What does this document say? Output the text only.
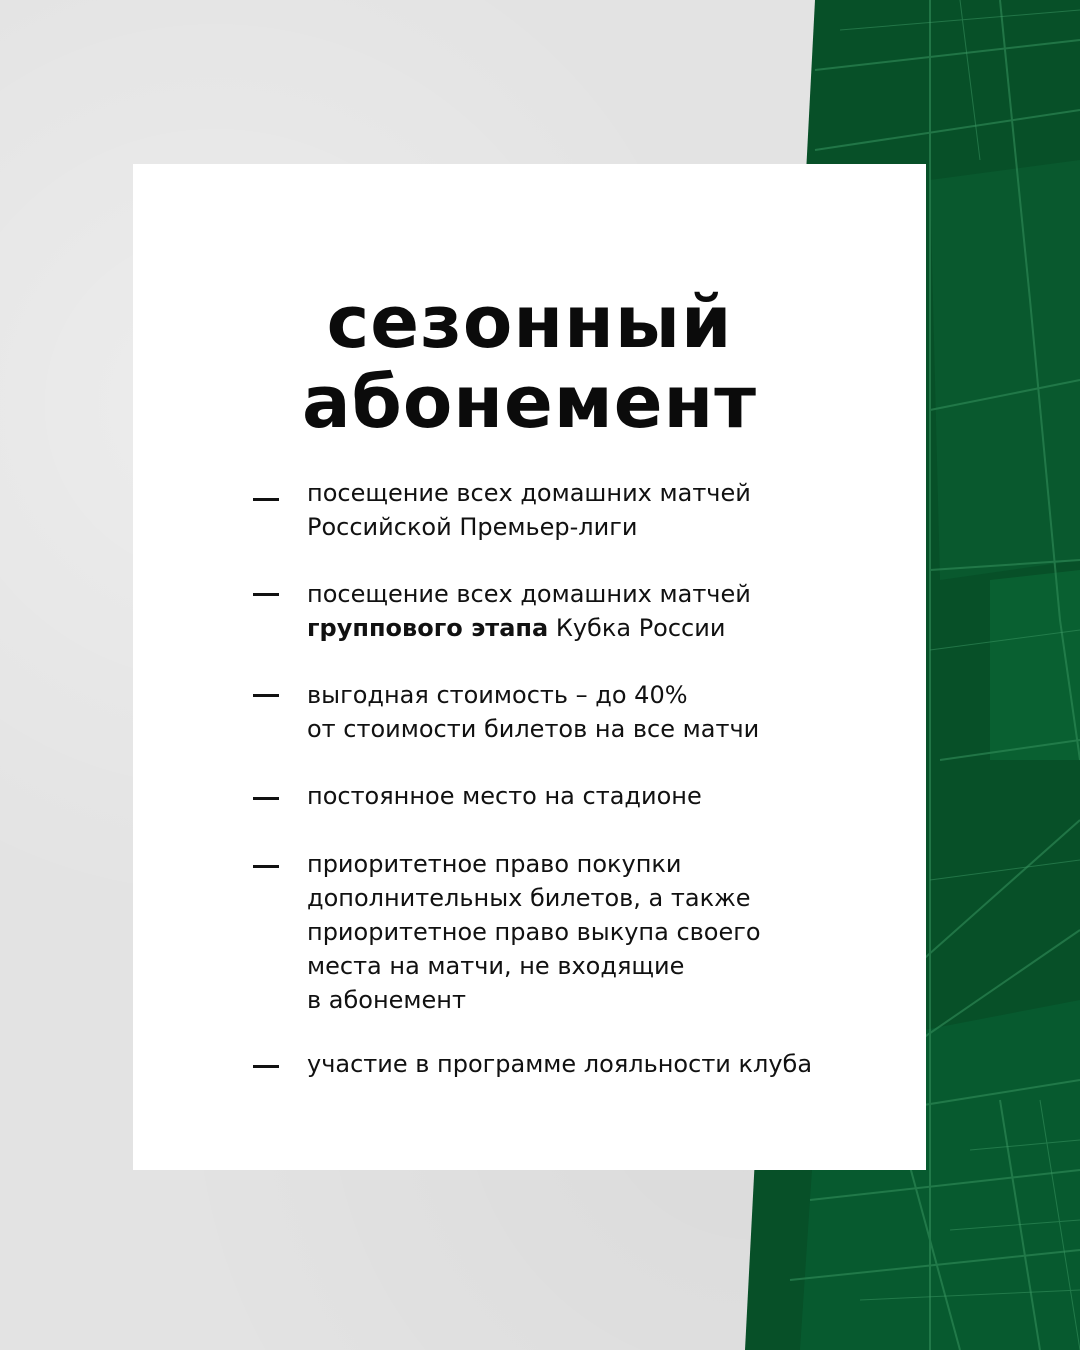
сезонный
абонемент
посещение всех домашних матчей
Российской Премьер-лиги
посещение всех домашних матчей
группового этапа Кубка России
выгодная стоимость – до 40%
от стоимости билетов на все матчи
постоянное место на стадионе
приоритетное право покупки
дополнительных билетов, а также
приоритетное право выкупа своего
места на матчи, не входящие
в абонемент
участие в программе лояльности клуба
